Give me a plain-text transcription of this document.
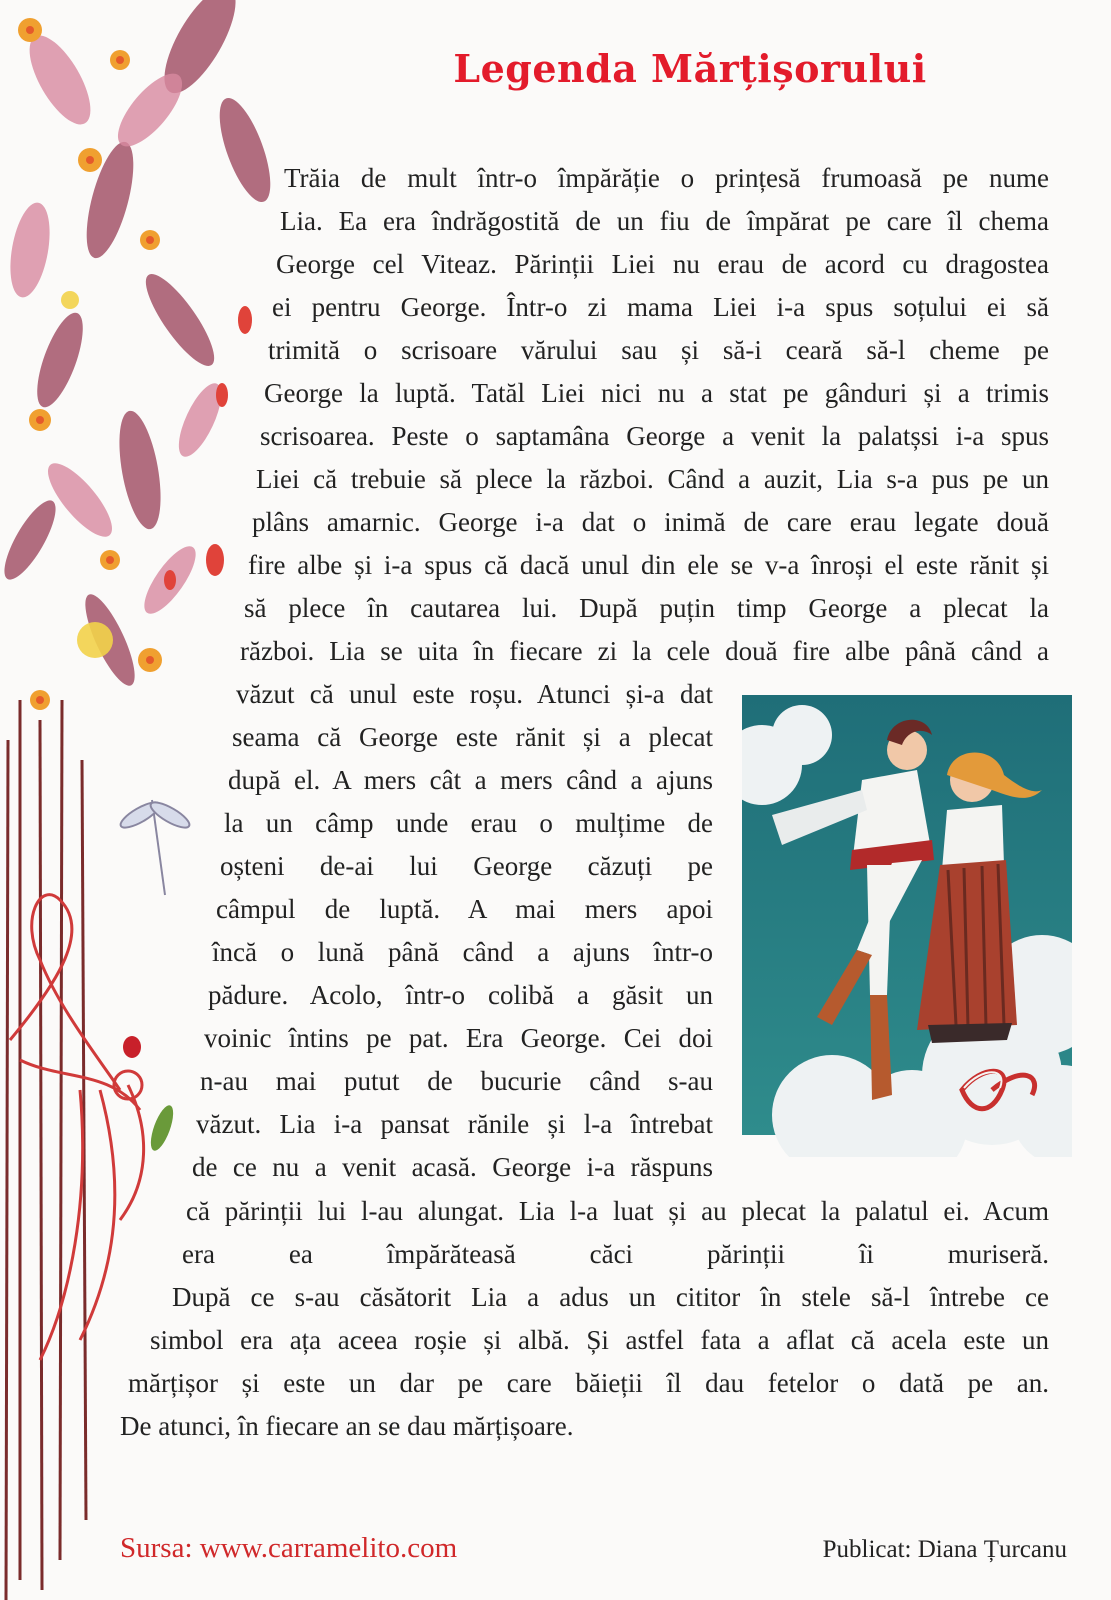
Legenda Mărțișorului
Trăia de mult într-o împărăție o prințesă frumoasă pe nume
Lia. Ea era îndrăgostită de un fiu de împărat pe care îl chema
George cel Viteaz. Părinții Liei nu erau de acord cu dragostea
ei pentru George. Într-o zi mama Liei i-a spus soțului ei să
trimită o scrisoare vărului sau și să-i ceară să-l cheme pe
George la luptă. Tatăl Liei nici nu a stat pe gânduri și a trimis
scrisoarea. Peste o saptamâna George a venit la palatșsi i-a spus
Liei că trebuie să plece la război. Când a auzit, Lia s-a pus pe un
plâns amarnic. George i-a dat o inimă de care erau legate două
fire albe și i-a spus că dacă unul din ele se v-a înroși el este rănit și
să plece în cautarea lui. După puțin timp George a plecat la
război. Lia se uita în fiecare zi la cele două fire albe până când a
văzut că unul este roșu. Atunci și-a dat
seama că George este rănit și a plecat
după el. A mers cât a mers când a ajuns
la un câmp unde erau o mulțime de
oșteni de-ai lui George căzuți pe
câmpul de luptă. A mai mers apoi
încă o lună până când a ajuns într-o
pădure. Acolo, într-o colibă a găsit un
voinic întins pe pat. Era George. Cei doi
n-au mai putut de bucurie când s-au
văzut. Lia i-a pansat rănile și l-a întrebat
de ce nu a venit acasă. George i-a răspuns
că părinții lui l-au alungat. Lia l-a luat și au plecat la palatul ei. Acum
era ea împărăteasă căci părinții îi muriseră.
După ce s-au căsătorit Lia a adus un cititor în stele să-l întrebe ce
simbol era ața aceea roșie și albă. Și astfel fata a aflat că acela este un
mărțișor și este un dar pe care băieții îl dau fetelor o dată pe an.
De atunci, în fiecare an se dau mărțișoare.
Sursa: www.carramelito.com	Publicat: Diana Țurcanu
